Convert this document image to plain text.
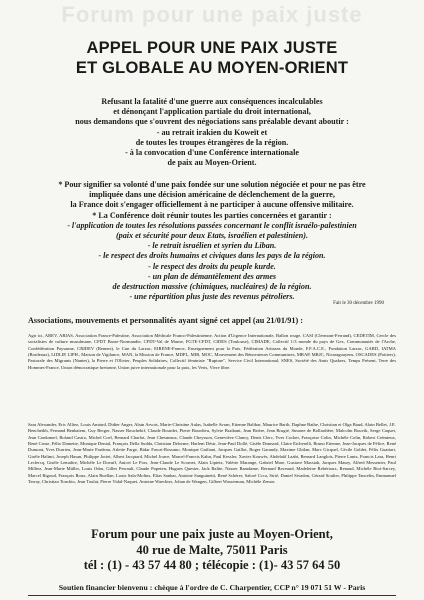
Forum pour une paix juste
APPEL POUR UNE PAIX JUSTE
ET GLOBALE AU MOYEN-ORIENT
Refusant la fatalité d'une guerre aux conséquences incalculables
et dénonçant l'application partiale du droit international,
nous demandons que s'ouvrent des négociations sans préalable devant aboutir :
- au retrait irakien du Koweït et
de toutes les troupes étrangères de la région.
- à la convocation d'une Conférence internationale
de paix au Moyen-Orient.
* Pour signifier sa volonté d'une paix fondée sur une solution négociée et pour ne pas être
impliquée dans une décision américaine de déclenchement de la guerre,
la France doit s'engager officiellement à ne participer à aucune offensive militaire.
* La Conférence doit réunir toutes les parties concernées et garantir :
- l'application de toutes les résolutions passées concernant le conflit israélo-palestinien
(paix et sécurité pour deux Etats, israélien et palestinien).
- le retrait israélien et syrien du Liban.
- le respect des droits humains et civiques dans les pays de la région.
- le respect des droits du peuple kurde.
- un plan de démantèlement des armes
de destruction massive (chimiques, nucléaires) de la région.
- une répartition plus juste des revenus pétroliers.
Fait le 30 décembre 1990
Associations, mouvements et personnalités ayant signé cet appel (au 21/01/91) :
Agir ici, AREV, ARIAS, Association France-Palestine, Association Médicale Franco-Palestinienne, Action d'Urgence Internationale, Ballon rouge, CASI (Clermont-Ferrand), CEDETIM, Cercle des socialistes de culture musulmane, CFDT Basse-Normandie, CFDT-Val de Marne, FGTE-CFDT, CIDES (Toulouse), CIMADE, Collectif 1/3 monde du pays de Gex, Communautés de l'Arche, Confédération Paysanne, CRIDEV (Rennes), le Cun du Larzac, EIRENE-France, Enseignement pour la Paix, Fédération Artisans du Monde, F.F.A.C.E., Fondation Larzac, GARD, IATMA (Bordeaux), LIDLIP, LIPH., Maison de Vigilance, MAN, la Mission de France, MDPL, MIR, MOC, Mouvement des Rénovateurs Communistes, MRAP, MRJC, Nicaraguayens, OSCADES (Poitiers), Pastorale des Migrants (Nantes), la Pierre et l'Olivier, Peuples Solidaires, Collectif féministe "Rupture", Service Civil International, SNES, Société des Amis Quakers, Temps Présent, Terre des Hommes-France, Union démocratique bretonne, Union juive internationale pour la paix, les Verts, Vivre libre.
Sara Alexander, Eric Alliez, Louis Amiard, Didier Anger, Alain Arvois, Marie-Christine Aulas, Isabelle Avran, Etienne Balibar, Maurice Barth, Daphne Bathe, Christian et Olga Baud, Alain Bellet, J.E. Bencheikh, Fernand Benhaïem, Guy Berger, Nasser Bouchekif, Claude Bourdet, Pierre Bourdieu, Sylvie Braibant, Jean Brière, Jean Brugié, Simone de Bollardière, Malcolm Bouvik, Serge Caquet, Jean Cardonnel, Roland Castro, Michel Coel, Bernard Charlot, Jean Chesneaux, Claude Cheysson, Geneviève Clancy, Denis Clerc, Yves Cochet, Françoise Colin, Michèle Colin, Robert Crémieux, René Cruse, Félix Damette, Monique Dental, François Della Sudda, Christian Delorme, Harlem Désir, Jean-Paul Dollé, Gisèle Donnard, Claire Etcherelli, Bruno Etienne, Jean-Jacques de Félice, René Dumont, Yves Durrieu, Jean-Marie Fardeau, Arlette Farge, Bidar Fawzi-Rossano, Monique Guiliani, Jacques Gaillot, Roger Garaudy, Maxime Ghilan, Marc Gicquel, Cécile Goldet, Félix Guattari, Gisèle Halimi, Joseph Hasan, Philippe Joriet, Albert Jacquard, Michel Jouve, Marcel-Francis Kahn, Paul Kessler, Xavier Kouwès, Abdelaâf Laabi, Bernard Langlois, Pierre Lantz, Francis Lara, Henri Leclercq, Gisèle Lemaître, Michèle Le Doeuff, Anicet Le Pors, Jean-Claude Le Scornet, Alain Lipietz, Valérie Marange, Gabriel Mare, Gustave Massiah, Jacques Maury, Alfred Messenier, Paul Milliez, Jean-Marie Müller, Louis Odru, Gilles Perrault, Claude Popeten, Hugues Quester, Jack Ralite, Nasser Ramdame, Bernard Raveaud, Madeleine Rebérioux, Renaud, Michèle Riot-Sarcey, Marcel Rigoud, François Roux, Alain Ruellan, Louis Sala-Molins, Elias Sanbar, Antoine Sanguinetti, René Schérer, Saloré Ccca, Sirié, Daniel Sivadon, Gérard Soulier, Philippe Tancelin, Emmanuel Terray, Christian Tonchio, Jean Toulat, Pierre Vidal-Naquet, Antoine Waechter, Johan de Wangen, Gilbert Wasserman, Michèle Zemor.
Forum pour une paix juste au Moyen-Orient,
40 rue de Malte, 75011 Paris
tél : (1) - 43 57 44 80 ; télécopie : (1)- 43 57 64 50
Soutien financier bienvenu : chèque à l'ordre de C. Charpentier, CCP n° 19 071 51 W - Paris
